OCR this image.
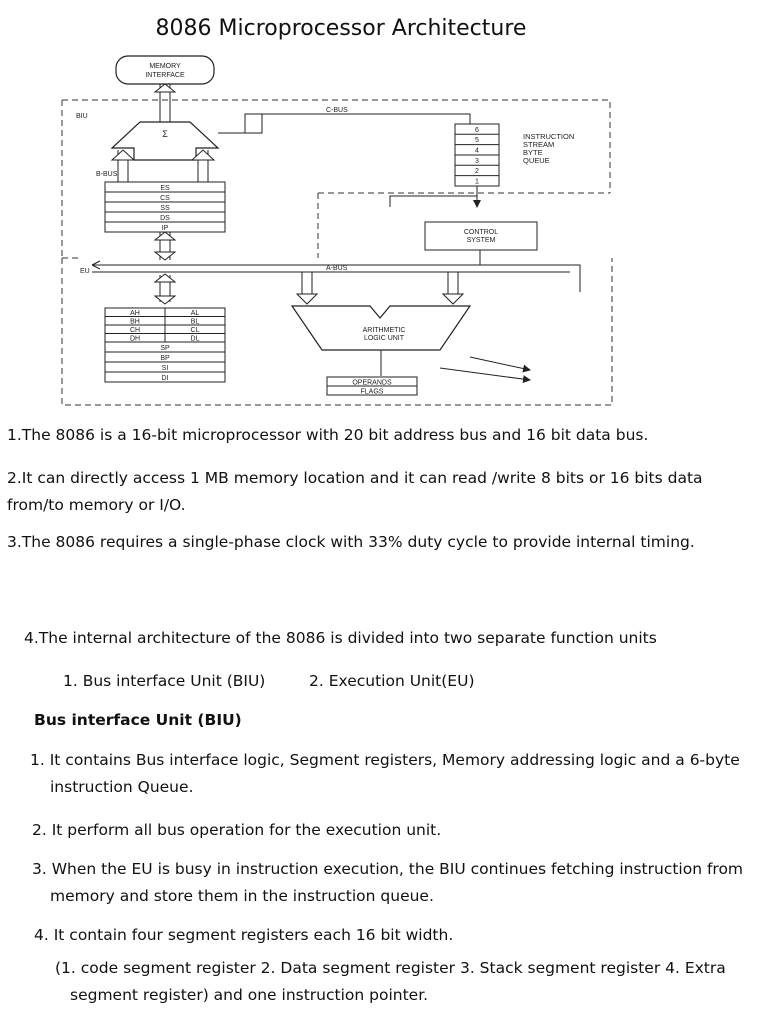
8086 Microprocessor Architecture
MEMORY
INTERFACE
BIU
EU
Σ
C-BUS
6
5
4
3
2
1
INSTRUCTION
STREAM
BYTE
QUEUE
CONTROL
SYSTEM
B-BUS
ES
CS
SS
DS
IP
A-BUS
AH	AL
BH	BL
CH	CL
DH	DL
SP
BP
SI
DI
ARITHMETIC
LOGIC UNIT
OPERANDS
FLAGS

1.The 8086 is a 16-bit microprocessor with 20 bit address bus and 16 bit data bus.

2.It can directly access 1 MB memory location and it can read /write 8 bits or 16 bits data from/to memory or I/O.

3.The 8086 requires a single-phase clock with 33% duty cycle to provide internal timing.

4.The internal architecture of the 8086 is divided into two separate function units

1. Bus interface Unit (BIU)	2. Execution Unit(EU)

Bus interface Unit (BIU)

1. It contains Bus interface logic, Segment registers, Memory addressing logic and a 6-byte instruction Queue.

2. It perform all bus operation for the execution unit.

3. When the EU is busy in instruction execution, the BIU continues fetching instruction from memory and store them in the instruction queue.

4. It contain four segment registers each 16 bit width.

(1. code segment register 2. Data segment register 3. Stack segment register 4. Extra segment register) and one instruction pointer.
